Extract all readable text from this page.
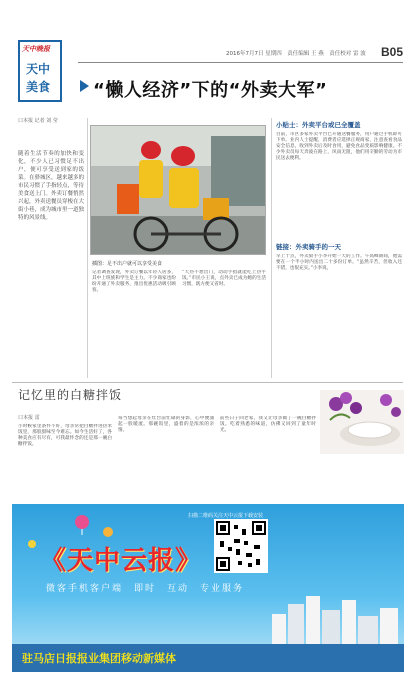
天中晚报
天中
美食
2016年7月7日 星期四　责任编辑 王 燕　责任校对 雷 波 B05
“懒人经济”下的“外卖大军”
口本报 记者 刘 莹
随着生活节奏的加快和变化，不少人已习惯足不出户，便可享受送到家的饭菜。在驿城区，越来越多的市民习惯了手指轻点，等待美食送上门。外卖订餐悄然兴起，外卖送餐员穿梭在大街小巷，成为城市里一道独特的风景线。
插图：足不出户就可以享受美食
记者调查发现，外卖订餐以年轻人居多，其中上班族和学生是主力。不少商家也纷纷开通了外卖服务，推出优惠活动吸引顾客。
“天热不想出门，动动手指就能吃上热乎饭。”市民小王说，点外卖已成为她的生活习惯，既方便又省时。
小贴士：外卖平台或已全覆盖
目前，市区多家外卖平台已开通送餐服务，用户通过手机即可下单。业内人士提醒，消费者应选择正规商家，注意查看食品安全信息，收到外卖后及时食用，避免食品变质影响健康。不少外卖员每天奔波在路上，风雨无阻，他们用辛勤的劳动为市民送去便利。
链接：外卖骑手的一天
早上十点，外卖骑手小李开始一天的工作。午高峰期间，他需要在一个半小时内送出二十多份订单。“虽然辛苦，但收入还不错，也很充实。”小李说。
记忆里的白糖拌饭
口本报 雷
小时候家里条件不好，母亲常把白糖拌进热米饭里，那股甜味至今难忘。如今生活好了，各种美食应有尽有，可我最怀念的还是那一碗白糖拌饭。
每当想起母亲在灶台前忙碌的身影，心中便涌起一股暖流。那碗饭里，盛着的是浓浓的亲情。
前些日子回老家，我又让母亲做了一碗白糖拌饭。吃着熟悉的味道，仿佛又回到了童年时光。
扫描二维码关注天中云报下载安装
《天中云报》
微客手机客户端　即时　互动　专业服务
驻马店日报报业集团移动新媒体
